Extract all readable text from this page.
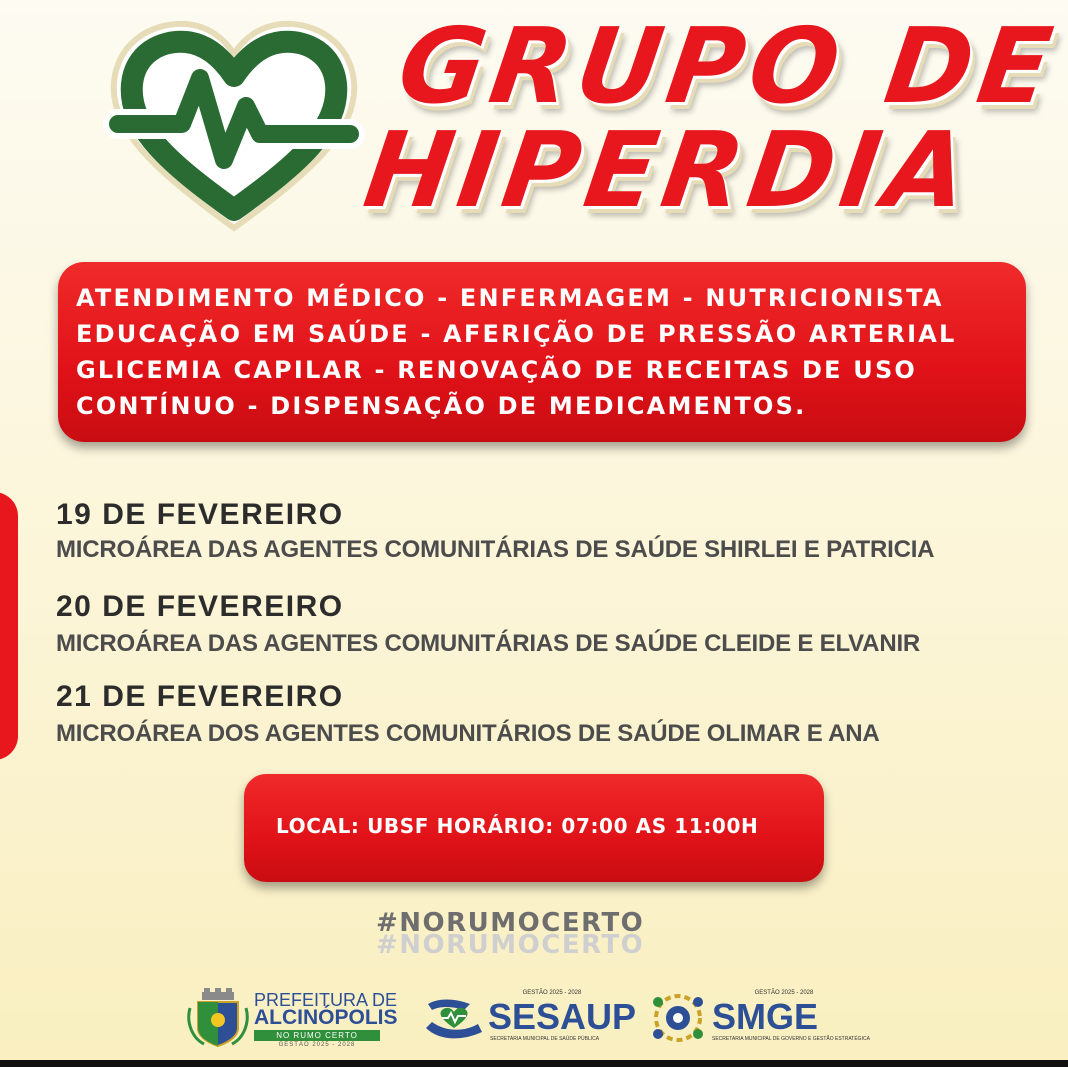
GRUPO DE
HIPERDIA
ATENDIMENTO MÉDICO - ENFERMAGEM - NUTRICIONISTA
EDUCAÇÃO EM SAÚDE - AFERIÇÃO DE PRESSÃO ARTERIAL
GLICEMIA CAPILAR - RENOVAÇÃO DE RECEITAS DE USO
CONTÍNUO - DISPENSAÇÃO DE MEDICAMENTOS.
19 DE FEVEREIRO
MICROÁREA DAS AGENTES COMUNITÁRIAS DE SAÚDE SHIRLEI E PATRICIA
20 DE FEVEREIRO
MICROÁREA DAS AGENTES COMUNITÁRIAS DE SAÚDE CLEIDE E ELVANIR
21 DE FEVEREIRO
MICROÁREA DOS AGENTES COMUNITÁRIOS DE SAÚDE OLIMAR E ANA
LOCAL: UBSF HORÁRIO: 07:00 AS 11:00H
#NORUMOCERTO
#NORUMOCERTO
PREFEITURA DE
ALCINÓPOLIS
NO RUMO CERTO
GESTÃO 2025 - 2028
GESTÃO 2025 - 2028
SESAUP
SECRETARIA MUNICIPAL DE SAÚDE PÚBLICA
GESTÃO 2025 - 2028
SMGE
SECRETARIA MUNICIPAL DE GOVERNO E GESTÃO ESTRATÉGICA
